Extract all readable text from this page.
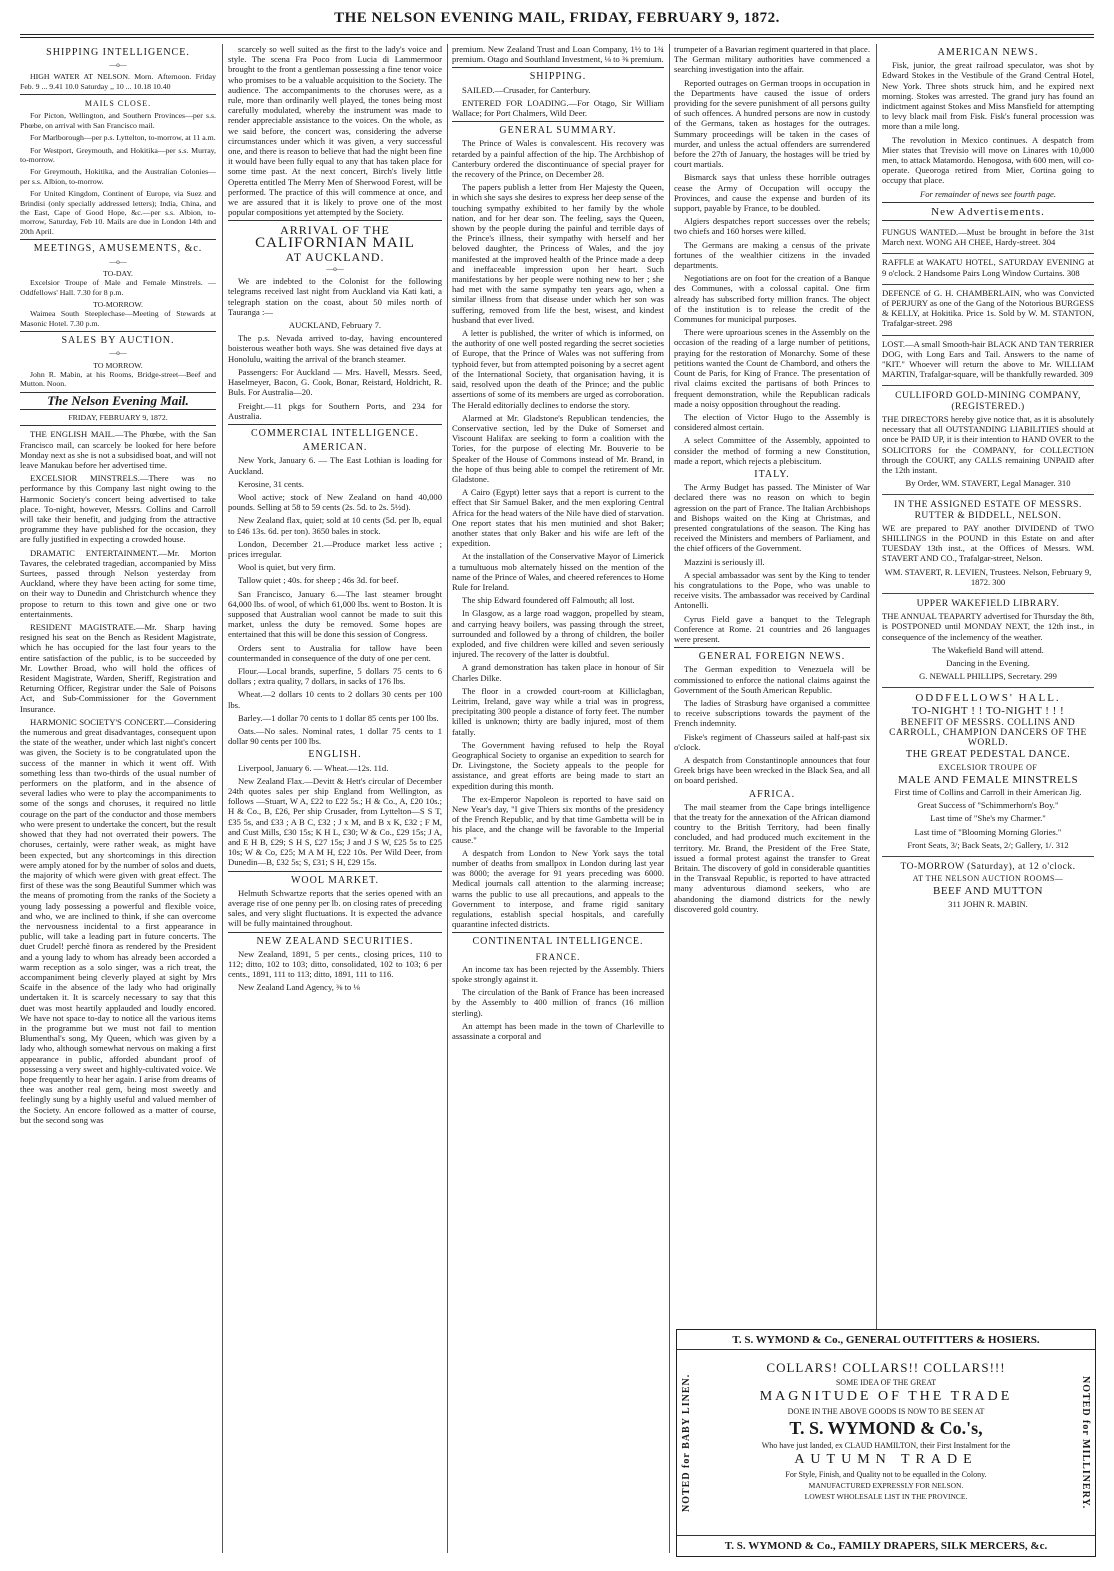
THE NELSON EVENING MAIL, FRIDAY, FEBRUARY 9, 1872.
SHIPPING INTELLIGENCE.
—o—

HIGH WATER AT NELSON. Morn. Afternoon. Friday Feb. 9 ... 9.41 10.0 Saturday ,, 10 ... 10.18 10.40

MAILS CLOSE.

For Picton, Wellington, and Southern Provinces—per s.s. Phœbe, on arrival with San Francisco mail.

For Marlborough—per p.s. Lyttelton, to-morrow, at 11 a.m.

For Westport, Greymouth, and Hokitika—per s.s. Murray, to-morrow.

For Greymouth, Hokitika, and the Australian Colonies—per s.s. Albion, to-morrow.

For United Kingdom, Continent of Europe, via Suez and Brindisi (only specially addressed letters); India, China, and the East, Cape of Good Hope, &c.—per s.s. Albion, to-morrow, Saturday, Feb 10. Mails are due in London 14th and 20th April.

MEETINGS, AMUSEMENTS, &c.
—o—
TO-DAY.

Excelsior Troupe of Male and Female Minstrels. —Oddfellows' Hall. 7.30 for 8 p.m.

TO-MORROW.

Waimea South Steeplechase—Meeting of Stewards at Masonic Hotel. 7.30 p.m.

SALES BY AUCTION.
—o—
TO MORROW.

John R. Mabin, at his Rooms, Bridge-street—Beef and Mutton. Noon.

The Nelson Evening Mail.
FRIDAY, FEBRUARY 9, 1872.

THE ENGLISH MAIL.—The Phœbe, with the San Francisco mail, can scarcely be looked for here before Monday next as she is not a subsidised boat, and will not leave Manukau before her advertised time.

EXCELSIOR MINSTRELS.—There was no performance by this Company last night owing to the Harmonic Society's concert being advertised to take place. To-night, however, Messrs. Collins and Carroll will take their benefit, and judging from the attractive programme they have published for the occasion, they are fully justified in expecting a crowded house.

DRAMATIC ENTERTAINMENT.—Mr. Morton Tavares, the celebrated tragedian, accompanied by Miss Surtees, passed through Nelson yesterday from Auckland, where they have been acting for some time, on their way to Dunedin and Christchurch whence they propose to return to this town and give one or two entertainments.

RESIDENT MAGISTRATE.—Mr. Sharp having resigned his seat on the Bench as Resident Magistrate, which he has occupied for the last four years to the entire satisfaction of the public, is to be succeeded by Mr. Lowther Broad, who will hold the offices of Resident Magistrate, Warden, Sheriff, Registration and Returning Officer, Registrar under the Sale of Poisons Act, and Sub-Commissioner for the Government Insurance.

HARMONIC SOCIETY'S CONCERT.—Considering the numerous and great disadvantages, consequent upon the state of the weather, under which last night's concert was given, the Society is to be congratulated upon the success of the manner in which it went off. With something less than two-thirds of the usual number of performers on the platform, and in the absence of several ladies who were to play the accompaniments to some of the songs and choruses, it required no little courage on the part of the conductor and those members who were present to undertake the concert, but the result showed that they had not overrated their powers. The choruses, certainly, were rather weak, as might have been expected, but any shortcomings in this direction were amply atoned for by the number of solos and duets, the majority of which were given with great effect. The first of these was the song Beautiful Summer which was the means of promoting from the ranks of the Society a young lady possessing a powerful and flexible voice, and who, we are inclined to think, if she can overcome the nervousness incidental to a first appearance in public, will take a leading part in future concerts. The duet Crudel! perchè finora as rendered by the President and a young lady to whom has already been accorded a warm reception as a solo singer, was a rich treat, the accompaniment being cleverly played at sight by Mrs Scaife in the absence of the lady who had originally undertaken it. It is scarcely necessary to say that this duet was most heartily applauded and loudly encored. We have not space to-day to notice all the various items in the programme but we must not fail to mention Blumenthal's song, My Queen, which was given by a lady who, although somewhat nervous on making a first appearance in public, afforded abundant proof of possessing a very sweet and highly-cultivated voice. We hope frequently to hear her again. I arise from dreams of thee was another real gem, being most sweetly and feelingly sung by a highly useful and valued member of the Society. An encore followed as a matter of course, but the second song was

scarcely so well suited as the first to the lady's voice and style. The scena Fra Poco from Lucia di Lammermoor brought to the front a gentleman possessing a fine tenor voice who promises to be a valuable acquisition to the Society. The audience. The accompaniments to the choruses were, as a rule, more than ordinarily well played, the tones being most carefully modulated, whereby the instrument was made to render appreciable assistance to the voices. On the whole, as we said before, the concert was, considering the adverse circumstances under which it was given, a very successful one, and there is reason to believe that had the night been fine it would have been fully equal to any that has taken place for some time past. At the next concert, Birch's lively little Operetta entitled The Merry Men of Sherwood Forest, will be performed. The practice of this will commence at once, and we are assured that it is likely to prove one of the most popular compositions yet attempted by the Society.

ARRIVAL OF THE
CALIFORNIAN MAIL
AT AUCKLAND.
—o—

We are indebted to the Colonist for the following telegrams received last night from Auckland via Kati kati, a telegraph station on the coast, about 50 miles north of Tauranga :—

AUCKLAND, February 7.

The p.s. Nevada arrived to-day, having encountered boisterous weather both ways. She was detained five days at Honolulu, waiting the arrival of the branch steamer.

Passengers: For Auckland — Mrs. Havell, Messrs. Seed, Haselmeyer, Bacon, G. Cook, Bonar, Reistard, Holdricht, R. Buls. For Australia—20.

Freight.—11 pkgs for Southern Ports, and 234 for Australia.

COMMERCIAL INTELLIGENCE.
AMERICAN.

New York, January 6. — The East Lothian is loading for Auckland.

Kerosine, 31 cents.

Wool active; stock of New Zealand on hand 40,000 pounds. Selling at 58 to 59 cents (2s. 5d. to 2s. 5½d).

New Zealand flax, quiet; sold at 10 cents (5d. per lb, equal to £46 13s. 6d. per ton). 3650 bales in stock.

London, December 21.—Produce market less active ; prices irregular.

Wool is quiet, but very firm.

Tallow quiet ; 40s. for sheep ; 46s 3d. for beef.

San Francisco, January 6.—The last steamer brought 64,000 lbs. of wool, of which 61,000 lbs. went to Boston. It is supposed that Australian wool cannot be made to suit this market, unless the duty be removed. Some hopes are entertained that this will be done this session of Congress.

Orders sent to Australia for tallow have been countermanded in consequence of the duty of one per cent.

Flour.—Local brands, superfine, 5 dollars 75 cents to 6 dollars ; extra quality, 7 dollars, in sacks of 176 lbs.

Wheat.—2 dollars 10 cents to 2 dollars 30 cents per 100 lbs.

Barley.—1 dollar 70 cents to 1 dollar 85 cents per 100 lbs.

Oats.—No sales. Nominal rates, 1 dollar 75 cents to 1 dollar 90 cents per 100 lbs.

ENGLISH.

Liverpool, January 6. — Wheat.—12s. 11d.

New Zealand Flax.—Devitt & Hett's circular of December 24th quotes sales per ship England from Wellington, as follows —Stuart, W A, £22 to £22 5s.; H & Co., A, £20 10s.; H & Co., B, £26, Per ship Crusader, from Lyttelton—S S T, £35 5s, and £33 ; A B C, £32 ; J x M, and B x K, £32 ; F M, and Cust Mills, £30 15s; K H L, £30; W & Co., £29 15s; J A, and E H B, £29; S H S, £27 15s; J and J S W, £25 5s to £25 10s; W & Co, £25; M A M H, £22 10s. Per Wild Deer, from Dunedin—B, £32 5s; S, £31; S H, £29 15s.

WOOL MARKET.

Helmuth Schwartze reports that the series opened with an average rise of one penny per lb. on closing rates of preceding sales, and very slight fluctuations. It is expected the advance will be fully maintained throughout.

NEW ZEALAND SECURITIES.

New Zealand, 1891, 5 per cents., closing prices, 110 to 112; ditto, 102 to 103; ditto, consolidated, 102 to 103; 6 per cents., 1891, 111 to 113; ditto, 1891, 111 to 116.

New Zealand Land Agency, ⅜ to ⅛

premium. New Zealand Trust and Loan Company, 1½ to 1¾ premium. Otago and Southland Investment, ⅛ to ⅜ premium.

SHIPPING.

SAILED.—Crusader, for Canterbury.

ENTERED FOR LOADING.—For Otago, Sir William Wallace; for Port Chalmers, Wild Deer.

GENERAL SUMMARY.

The Prince of Wales is convalescent. His recovery was retarded by a painful affection of the hip. The Archbishop of Canterbury ordered the discontinuance of special prayer for the recovery of the Prince, on December 28.

The papers publish a letter from Her Majesty the Queen, in which she says she desires to express her deep sense of the touching sympathy exhibited to her family by the whole nation, and for her dear son. The feeling, says the Queen, shown by the people during the painful and terrible days of the Prince's illness, their sympathy with herself and her beloved daughter, the Princess of Wales, and the joy manifested at the improved health of the Prince made a deep and ineffaceable impression upon her heart. Such manifestations by her people were nothing new to her ; she had met with the same sympathy ten years ago, when a similar illness from that disease under which her son was suffering, removed from life the best, wisest, and kindest husband that ever lived.

A letter is published, the writer of which is informed, on the authority of one well posted regarding the secret societies of Europe, that the Prince of Wales was not suffering from typhoid fever, but from attempted poisoning by a secret agent of the International Society, that organisation having, it is said, resolved upon the death of the Prince; and the public assertions of some of its members are urged as corroboration. The Herald editorially declines to endorse the story.

Alarmed at Mr. Gladstone's Republican tendencies, the Conservative section, led by the Duke of Somerset and Viscount Halifax are seeking to form a coalition with the Tories, for the purpose of electing Mr. Bouverie to be Speaker of the House of Commons instead of Mr. Brand, in the hope of thus being able to compel the retirement of Mr. Gladstone.

A Cairo (Egypt) letter says that a report is current to the effect that Sir Samuel Baker, and the men exploring Central Africa for the head waters of the Nile have died of starvation. One report states that his men mutinied and shot Baker; another states that only Baker and his wife are left of the expedition.

At the installation of the Conservative Mayor of Limerick a tumultuous mob alternately hissed on the mention of the name of the Prince of Wales, and cheered references to Home Rule for Ireland.

The ship Edward foundered off Falmouth; all lost.

In Glasgow, as a large road waggon, propelled by steam, and carrying heavy boilers, was passing through the street, surrounded and followed by a throng of children, the boiler exploded, and five children were killed and seven seriously injured. The recovery of the latter is doubtful.

A grand demonstration has taken place in honour of Sir Charles Dilke.

The floor in a crowded court-room at Killiclagban, Leitrim, Ireland, gave way while a trial was in progress, precipitating 300 people a distance of forty feet. The number killed is unknown; thirty are badly injured, most of them fatally.

The Government having refused to help the Royal Geographical Society to organise an expedition to search for Dr. Livingstone, the Society appeals to the people for assistance, and great efforts are being made to start an expedition during this month.

The ex-Emperor Napoleon is reported to have said on New Year's day, "I give Thiers six months of the presidency of the French Republic, and by that time Gambetta will be in his place, and the change will be favorable to the Imperial cause."

A despatch from London to New York says the total number of deaths from smallpox in London during last year was 8000; the average for 91 years preceding was 6000. Medical journals call attention to the alarming increase; warns the public to use all precautions, and appeals to the Government to interpose, and frame rigid sanitary regulations, establish special hospitals, and carefully quarantine infected districts.

CONTINENTAL INTELLIGENCE.
FRANCE.

An income tax has been rejected by the Assembly. Thiers spoke strongly against it.

The circulation of the Bank of France has been increased by the Assembly to 400 million of francs (16 million sterling).

An attempt has been made in the town of Charleville to assassinate a corporal and

trumpeter of a Bavarian regiment quartered in that place. The German military authorities have commenced a searching investigation into the affair.

Reported outrages on German troops in occupation in the Departments have caused the issue of orders providing for the severe punishment of all persons guilty of such offences. A hundred persons are now in custody of the Germans, taken as hostages for the outrages. Summary proceedings will be taken in the cases of murder, and unless the actual offenders are surrendered before the 27th of January, the hostages will be tried by court martials.

Bismarck says that unless these horrible outrages cease the Army of Occupation will occupy the Provinces, and cause the expense and burden of its support, payable by France, to be doubled.

Algiers despatches report successes over the rebels; two chiefs and 160 horses were killed.

The Germans are making a census of the private fortunes of the wealthier citizens in the invaded departments.

Negotiations are on foot for the creation of a Banque des Communes, with a colossal capital. One firm already has subscribed forty million francs. The object of the institution is to release the credit of the Communes for municipal purposes.

There were uproarious scenes in the Assembly on the occasion of the reading of a large number of petitions, praying for the restoration of Monarchy. Some of these petitions wanted the Count de Chambord, and others the Count de Paris, for King of France. The presentation of rival claims excited the partisans of both Princes to frequent demonstration, while the Republican radicals made a noisy opposition throughout the reading.

The election of Victor Hugo to the Assembly is considered almost certain.

A select Committee of the Assembly, appointed to consider the method of forming a new Constitution, made a report, which rejects a plebiscitum.

ITALY.

The Army Budget has passed. The Minister of War declared there was no reason on which to begin agression on the part of France. The Italian Archbishops and Bishops waited on the King at Christmas, and presented congratulations of the season. The King has received the Ministers and members of Parliament, and the chief officers of the Government.

Mazzini is seriously ill.

A special ambassador was sent by the King to tender his congratulations to the Pope, who was unable to receive visits. The ambassador was received by Cardinal Antonelli.

Cyrus Field gave a banquet to the Telegraph Conference at Rome. 21 countries and 26 languages were present.

GENERAL FOREIGN NEWS.

The German expedition to Venezuela will be commissioned to enforce the national claims against the Government of the South American Republic.

The ladies of Strasburg have organised a committee to receive subscriptions towards the payment of the French indemnity.

Fiske's regiment of Chasseurs sailed at half-past six o'clock.

A despatch from Constantinople announces that four Greek brigs have been wrecked in the Black Sea, and all on board perished.

AFRICA.

The mail steamer from the Cape brings intelligence that the treaty for the annexation of the African diamond country to the British Territory, had been finally concluded, and had produced much excitement in the territory. Mr. Brand, the President of the Free State, issued a formal protest against the transfer to Great Britain. The discovery of gold in considerable quantities in the Transvaal Republic, is reported to have attracted many adventurous diamond seekers, who are abandoning the diamond districts for the newly discovered gold country.

AMERICAN NEWS.

Fisk, junior, the great railroad speculator, was shot by Edward Stokes in the Vestibule of the Grand Central Hotel, New York. Three shots struck him, and he expired next morning. Stokes was arrested. The grand jury has found an indictment against Stokes and Miss Mansfield for attempting to levy black mail from Fisk. Fisk's funeral procession was more than a mile long.

The revolution in Mexico continues. A despatch from Mier states that Trevisio will move on Linares with 10,000 men, to attack Matamordo. Henogosa, with 600 men, will co-operate. Queoroga retired from Mier, Cortina going to occupy that place.

For remainder of news see fourth page.

New Advertisements.

FUNGUS WANTED.—Must be brought in before the 31st March next. WONG AH CHEE, Hardy-street. 304

RAFFLE at WAKATU HOTEL, SATURDAY EVENING at 9 o'clock. 2 Handsome Pairs Long Window Curtains. 308

DEFENCE of G. H. CHAMBERLAIN, who was Convicted of PERJURY as one of the Gang of the Notorious BURGESS & KELLY, at Hokitika. Price 1s. Sold by W. M. STANTON, Trafalgar-street. 298

LOST.—A small Smooth-hair BLACK AND TAN TERRIER DOG, with Long Ears and Tail. Answers to the name of "KIT." Whoever will return the above to Mr. WILLIAM MARTIN, Trafalgar-square, will be thankfully rewarded. 309

CULLIFORD GOLD-MINING COMPANY, (REGISTERED.)

THE DIRECTORS hereby give notice that, as it is absolutely necessary that all OUTSTANDING LIABILITIES should at once be PAID UP, it is their intention to HAND OVER to the SOLICITORS for the COMPANY, for COLLECTION through the COURT, any CALLS remaining UNPAID after the 12th instant.

By Order, WM. STAVERT, Legal Manager. 310

IN THE ASSIGNED ESTATE OF MESSRS. RUTTER & BIDDELL, NELSON.

WE are prepared to PAY another DIVIDEND of TWO SHILLINGS in the POUND in this Estate on and after TUESDAY 13th inst., at the Offices of Messrs. WM. STAVERT AND CO., Trafalgar-street, Nelson.

WM. STAVERT, R. LEVIEN, Trustees. Nelson, February 9, 1872. 300

UPPER WAKEFIELD LIBRARY.

THE ANNUAL TEAPARTY advertised for Thursday the 8th, is POSTPONED until MONDAY NEXT, the 12th inst., in consequence of the inclemency of the weather.

The Wakefield Band will attend.

Dancing in the Evening.

G. NEWALL PHILLIPS, Secretary. 299

ODDFELLOWS' HALL.
TO-NIGHT ! ! TO-NIGHT ! ! !
BENEFIT OF MESSRS. COLLINS AND CARROLL, CHAMPION DANCERS OF THE WORLD.
THE GREAT PEDESTAL DANCE.
EXCELSIOR TROUPE OF
MALE AND FEMALE MINSTRELS

First time of Collins and Carroll in their American Jig.

Great Success of "Schimmerhorn's Boy."

Last time of "She's my Charmer."

Last time of "Blooming Morning Glories."

Front Seats, 3/; Back Seats, 2/; Gallery, 1/. 312

TO-MORROW (Saturday), at 12 o'clock.
AT THE NELSON AUCTION ROOMS—
BEEF AND MUTTON

311 JOHN R. MABIN.

T. S. WYMOND & Co., GENERAL OUTFITTERS & HOSIERS.
NOTED for BABY LINEN.	NOTED for MILLINERY.
COLLARS! COLLARS!! COLLARS!!!
SOME IDEA OF THE GREAT
MAGNITUDE OF THE TRADE
DONE IN THE ABOVE GOODS IS NOW TO BE SEEN AT
T. S. WYMOND & Co.'s,
Who have just landed, ex CLAUD HAMILTON, their First Instalment for the
AUTUMN TRADE
For Style, Finish, and Quality not to be equalled in the Colony.
MANUFACTURED EXPRESSLY FOR NELSON.
LOWEST WHOLESALE LIST IN THE PROVINCE.
T. S. WYMOND & Co., FAMILY DRAPERS, SILK MERCERS, &c.
